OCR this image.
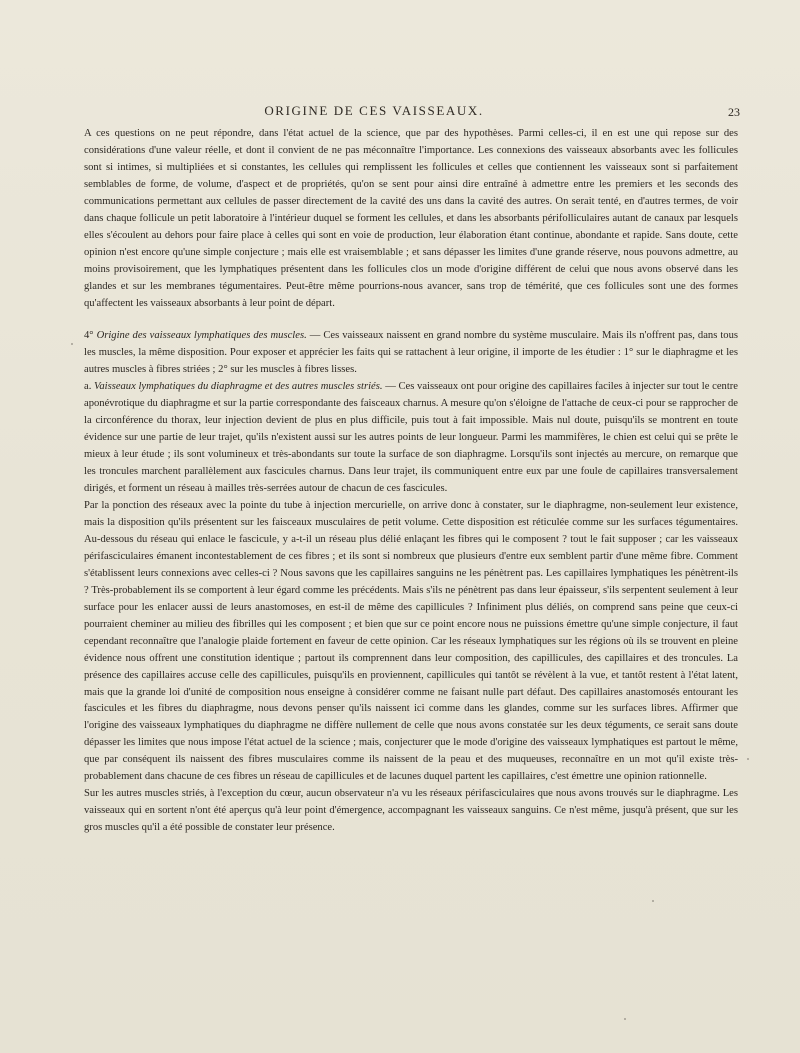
ORIGINE DE CES VAISSEAUX.	23

A ces questions on ne peut répondre, dans l'état actuel de la science, que par des hypothèses. Parmi celles-ci, il en est une qui repose sur des considérations d'une valeur réelle, et dont il convient de ne pas méconnaître l'importance. Les connexions des vaisseaux absorbants avec les follicules sont si intimes, si multipliées et si constantes, les cellules qui remplissent les follicules et celles que contiennent les vaisseaux sont si parfaitement semblables de forme, de volume, d'aspect et de propriétés, qu'on se sent pour ainsi dire entraîné à admettre entre les premiers et les seconds des communications permettant aux cellules de passer directement de la cavité des uns dans la cavité des autres. On serait tenté, en d'autres termes, de voir dans chaque follicule un petit laboratoire à l'intérieur duquel se forment les cellules, et dans les absorbants périfolliculaires autant de canaux par lesquels elles s'écoulent au dehors pour faire place à celles qui sont en voie de production, leur élaboration étant continue, abondante et rapide. Sans doute, cette opinion n'est encore qu'une simple conjecture ; mais elle est vraisemblable ; et sans dépasser les limites d'une grande réserve, nous pouvons admettre, au moins provisoirement, que les lymphatiques présentent dans les follicules clos un mode d'origine différent de celui que nous avons observé dans les glandes et sur les membranes tégumentaires. Peut-être même pourrions-nous avancer, sans trop de témérité, que ces follicules sont une des formes qu'affectent les vaisseaux absorbants à leur point de départ.

4° Origine des vaisseaux lymphatiques des muscles. — Ces vaisseaux naissent en grand nombre du système musculaire. Mais ils n'offrent pas, dans tous les muscles, la même disposition. Pour exposer et apprécier les faits qui se rattachent à leur origine, il importe de les étudier : 1° sur le diaphragme et les autres muscles à fibres striées ; 2° sur les muscles à fibres lisses.

a. Vaisseaux lymphatiques du diaphragme et des autres muscles striés. — Ces vaisseaux ont pour origine des capillaires faciles à injecter sur tout le centre aponévrotique du diaphragme et sur la partie correspondante des faisceaux charnus. A mesure qu'on s'éloigne de l'attache de ceux-ci pour se rapprocher de la circonférence du thorax, leur injection devient de plus en plus difficile, puis tout à fait impossible. Mais nul doute, puisqu'ils se montrent en toute évidence sur une partie de leur trajet, qu'ils n'existent aussi sur les autres points de leur longueur. Parmi les mammifères, le chien est celui qui se prête le mieux à leur étude ; ils sont volumineux et très-abondants sur toute la surface de son diaphragme. Lorsqu'ils sont injectés au mercure, on remarque que les troncules marchent parallèlement aux fascicules charnus. Dans leur trajet, ils communiquent entre eux par une foule de capillaires transversalement dirigés, et forment un réseau à mailles très-serrées autour de chacun de ces fascicules.

Par la ponction des réseaux avec la pointe du tube à injection mercurielle, on arrive donc à constater, sur le diaphragme, non-seulement leur existence, mais la disposition qu'ils présentent sur les faisceaux musculaires de petit volume. Cette disposition est réticulée comme sur les surfaces tégumentaires. Au-dessous du réseau qui enlace le fascicule, y a-t-il un réseau plus délié enlaçant les fibres qui le composent ? tout le fait supposer ; car les vaisseaux périfasciculaires émanent incontestablement de ces fibres ; et ils sont si nombreux que plusieurs d'entre eux semblent partir d'une même fibre. Comment s'établissent leurs connexions avec celles-ci ? Nous savons que les capillaires sanguins ne les pénètrent pas. Les capillaires lymphatiques les pénètrent-ils ? Très-probablement ils se comportent à leur égard comme les précédents. Mais s'ils ne pénètrent pas dans leur épaisseur, s'ils serpentent seulement à leur surface pour les enlacer aussi de leurs anastomoses, en est-il de même des capillicules ? Infiniment plus déliés, on comprend sans peine que ceux-ci pourraient cheminer au milieu des fibrilles qui les composent ; et bien que sur ce point encore nous ne puissions émettre qu'une simple conjecture, il faut cependant reconnaître que l'analogie plaide fortement en faveur de cette opinion. Car les réseaux lymphatiques sur les régions où ils se trouvent en pleine évidence nous offrent une constitution identique ; partout ils comprennent dans leur composition, des capillicules, des capillaires et des troncules. La présence des capillaires accuse celle des capillicules, puisqu'ils en proviennent, capillicules qui tantôt se révèlent à la vue, et tantôt restent à l'état latent, mais que la grande loi d'unité de composition nous enseigne à considérer comme ne faisant nulle part défaut. Des capillaires anastomosés entourant les fascicules et les fibres du diaphragme, nous devons penser qu'ils naissent ici comme dans les glandes, comme sur les surfaces libres. Affirmer que l'origine des vaisseaux lymphatiques du diaphragme ne diffère nullement de celle que nous avons constatée sur les deux téguments, ce serait sans doute dépasser les limites que nous impose l'état actuel de la science ; mais, conjecturer que le mode d'origine des vaisseaux lymphatiques est partout le même, que par conséquent ils naissent des fibres musculaires comme ils naissent de la peau et des muqueuses, reconnaître en un mot qu'il existe très-probablement dans chacune de ces fibres un réseau de capillicules et de lacunes duquel partent les capillaires, c'est émettre une opinion rationnelle.

Sur les autres muscles striés, à l'exception du cœur, aucun observateur n'a vu les réseaux périfasciculaires que nous avons trouvés sur le diaphragme. Les vaisseaux qui en sortent n'ont été aperçus qu'à leur point d'émergence, accompagnant les vaisseaux sanguins. Ce n'est même, jusqu'à présent, que sur les gros muscles qu'il a été possible de constater leur présence.
